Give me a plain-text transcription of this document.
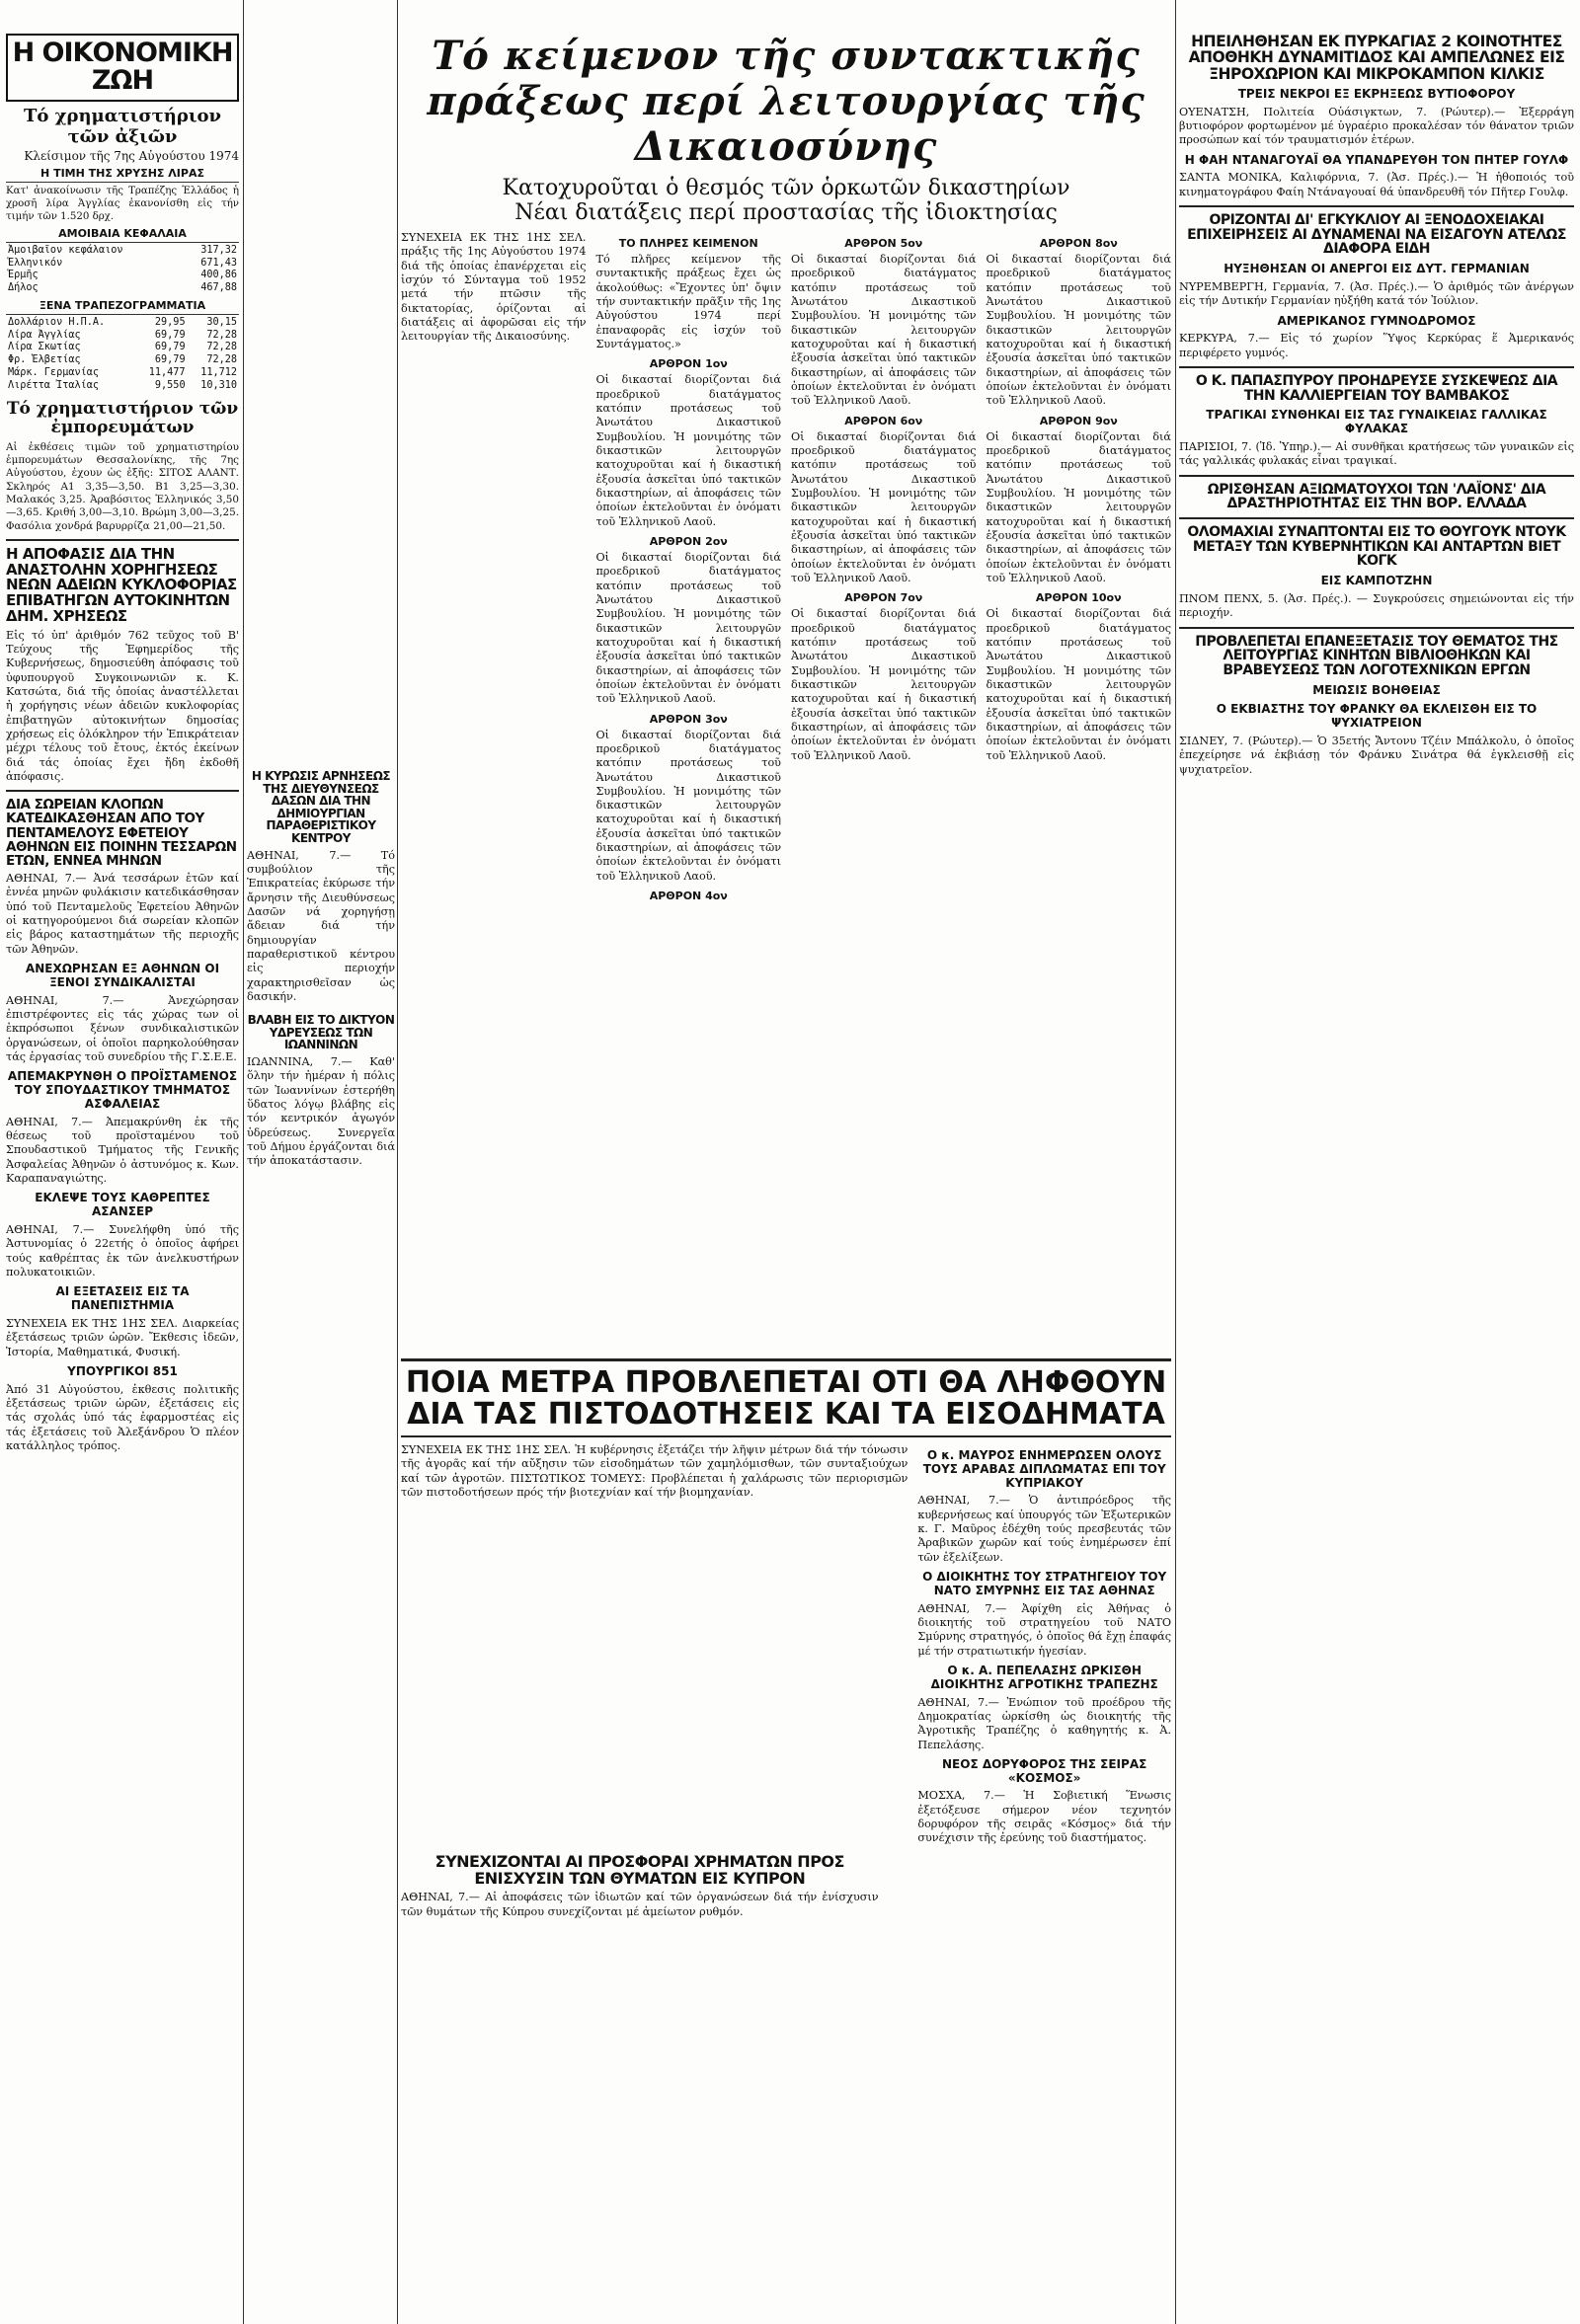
Η ΟΙΚΟΝΟΜΙΚΗ ΖΩΗ
Τό χρηματιστήριον τῶν ἀξιῶν
Κλείσιμον τῆς 7ης Αὐγούστου 1974
Η ΤΙΜΗ ΤΗΣ ΧΡΥΣΗΣ ΛΙΡΑΣ
Κατ' ἀνακοίνωσιν τῆς Τραπέζης Ἑλλάδος ἡ χροσῆ λίρα Ἀγγλίας ἐκανονίσθη εἰς τήν τιμήν τῶν 1.520 δρχ.
ΑΜΟΙΒΑΙΑ ΚΕΦΑΛΑΙΑ
Ἀμοιβαῖον κεφάλαιον	317,32
Ἑλληνικόν	671,43
Ἑρμῆς	400,86
Δήλος	467,88
ΞΕΝΑ ΤΡΑΠΕΖΟΓΡΑΜΜΑΤΙΑ
Δολλάριον Η.Π.Α.	29,95	30,15
Λίρα Ἀγγλίας	69,79	72,28
Λίρα Σκωτίας	69,79	72,28
Φρ. Ἑλβετίας	69,79	72,28
Μάρκ. Γερμανίας	11,477	11,712
Λιρέττα Ἰταλίας	9,550	10,310
Τό χρηματιστήριον τῶν ἐμπορευμάτων
Αἱ ἐκθέσεις τιμῶν τοῦ χρηματιστηρίου ἐμπορευμάτων Θεσσαλονίκης, τῆς 7ης Αὐγούστου, ἐχουν ὡς ἑξῆς: ΣΙΤΟΣ ΑΛΑΝΤ. Σκληρός Α1 3,35—3,50. Β1 3,25—3,30. Μαλακός 3,25. Ἀραβόσιτος Ἑλληνικός 3,50—3,65. Κριθή 3,00—3,10. Βρώμη 3,00—3,25. Φασόλια χονδρά βαρυρρίζα 21,00—21,50.
Η ΑΠΟΦΑΣΙΣ ΔΙΑ ΤΗΝ ΑΝΑΣΤΟΛΗΝ ΧΟΡΗΓΗΣΕΩΣ ΝΕΩΝ ΑΔΕΙΩΝ ΚΥΚΛΟΦΟΡΙΑΣ ΕΠΙΒΑΤΗΓΩΝ ΑΥΤΟΚΙΝΗΤΩΝ ΔΗΜ. ΧΡΗΣΕΩΣ
Εἰς τό ὑπ' ἀριθμόν 762 τεῦχος τοῦ Β' Τεύχους τῆς Ἐφημερίδος τῆς Κυβερνήσεως, δημοσιεύθη ἀπόφασις τοῦ ὑφυπουργοῦ Συγκοινωνιῶν κ. Κ. Κατσώτα, διά τῆς ὁποίας ἀναστέλλεται ἡ χορήγησις νέων ἀδειῶν κυκλοφορίας ἐπιβατηγῶν αὐτοκινήτων δημοσίας χρήσεως εἰς ὁλόκληρον τήν Ἐπικράτειαν μέχρι τέλους τοῦ ἔτους, ἐκτός ἐκείνων διά τάς ὁποίας ἔχει ἤδη ἐκδοθῆ ἀπόφασις.
ΔΙΑ ΣΩΡΕΙΑΝ ΚΛΟΠΩΝ ΚΑΤΕΔΙΚΑΣΘΗΣΑΝ ΑΠΟ ΤΟΥ ΠΕΝΤΑΜΕΛΟΥΣ ΕΦΕΤΕΙΟΥ ΑΘΗΝΩΝ ΕΙΣ ΠΟΙΝΗΝ ΤΕΣΣΑΡΩΝ ΕΤΩΝ, ΕΝΝΕΑ ΜΗΝΩΝ
ΑΘΗΝΑΙ, 7.— Ἀνά τεσσάρων ἐτῶν καί ἐννέα μηνῶν φυλάκισιν κατεδικάσθησαν ὑπό τοῦ Πενταμελοῦς Ἐφετείου Ἀθηνῶν οἱ κατηγορούμενοι διά σωρείαν κλοπῶν εἰς βάρος καταστημάτων τῆς περιοχῆς τῶν Ἀθηνῶν.
ΑΝΕΧΩΡΗΣΑΝ ΕΞ ΑΘΗΝΩΝ ΟΙ ΞΕΝΟΙ ΣΥΝΔΙΚΑΛΙΣΤΑΙ
ΑΘΗΝΑΙ, 7.— Ἀνεχώρησαν ἐπιστρέφοντες εἰς τάς χώρας των οἱ ἐκπρόσωποι ξένων συνδικαλιστικῶν ὀργανώσεων, οἱ ὁποῖοι παρηκολούθησαν τάς ἐργασίας τοῦ συνεδρίου τῆς Γ.Σ.Ε.Ε.
ΑΠΕΜΑΚΡΥΝΘΗ Ο ΠΡΟΪΣΤΑΜΕΝΟΣ ΤΟΥ ΣΠΟΥΔΑΣΤΙΚΟΥ ΤΜΗΜΑΤΟΣ ΑΣΦΑΛΕΙΑΣ
ΑΘΗΝΑΙ, 7.— Ἀπεμακρύνθη ἐκ τῆς θέσεως τοῦ προϊσταμένου τοῦ Σπουδαστικοῦ Τμήματος τῆς Γενικῆς Ἀσφαλείας Ἀθηνῶν ὁ ἀστυνόμος κ. Κων. Καραπαναγιώτης.
ΕΚΛΕΨΕ ΤΟΥΣ ΚΑΘΡΕΠΤΕΣ ΑΣΑΝΣΕΡ
ΑΘΗΝΑΙ, 7.— Συνελήφθη ὑπό τῆς Ἀστυνομίας ὁ 22ετής ὁ ὁποῖος ἀφήρει τούς καθρέπτας ἐκ τῶν ἀνελκυστήρων πολυκατοικιῶν.
ΑΙ ΕΞΕΤΑΣΕΙΣ ΕΙΣ ΤΑ ΠΑΝΕΠΙΣΤΗΜΙΑ
ΣΥΝΕΧΕΙΑ ΕΚ ΤΗΣ 1ΗΣ ΣΕΛ. Διαρκείας ἐξετάσεως τριῶν ὡρῶν. Ἔκθεσις ἰδεῶν, Ἱστορία, Μαθηματικά, Φυσική.
ΥΠΟΥΡΓΙΚΟΙ 851
Ἀπό 31 Αὐγούστου, ἐκθεσις πολιτικῆς ἐξετάσεως τριῶν ὡρῶν, ἐξετάσεις εἰς τάς σχολάς ὑπό τάς ἐφαρμοστέας εἰς τάς ἐξετάσεις τοῦ Ἀλεξάνδρου Ὁ πλέον κατάλληλος τρόπος.
Η ΚΥΡΩΣΙΣ ΑΡΝΗΣΕΩΣ ΤΗΣ ΔΙΕΥΘΥΝΣΕΩΣ ΔΑΣΩΝ ΔΙΑ ΤΗΝ ΔΗΜΙΟΥΡΓΙΑΝ ΠΑΡΑΘΕΡΙΣΤΙΚΟΥ ΚΕΝΤΡΟΥ
ΑΘΗΝΑΙ, 7.— Τό συμβούλιον τῆς Ἐπικρατείας ἐκύρωσε τήν ἄρνησιν τῆς Διευθύνσεως Δασῶν νά χορηγήσῃ ἄδειαν διά τήν δημιουργίαν παραθεριστικοῦ κέντρου εἰς περιοχήν χαρακτηρισθεῖσαν ὡς δασικήν.
ΒΛΑΒΗ ΕΙΣ ΤΟ ΔΙΚΤΥΟΝ ΥΔΡΕΥΣΕΩΣ ΤΩΝ ΙΩΑΝΝΙΝΩΝ
ΙΩΑΝΝΙΝΑ, 7.— Καθ' ὅλην τήν ἡμέραν ἡ πόλις τῶν Ἰωαννίνων ἐστερήθη ὕδατος λόγῳ βλάβης εἰς τόν κεντρικόν ἀγωγόν ὑδρεύσεως. Συνεργεῖα τοῦ Δήμου ἐργάζονται διά τήν ἀποκατάστασιν.
Τό κείμενον τῆς συντακτικῆς πράξεως περί λειτουργίας τῆς Δικαιοσύνης
Κατοχυροῦται ὁ θεσμός τῶν ὁρκωτῶν δικαστηρίων
Νέαι διατάξεις περί προστασίας τῆς ἰδιοκτησίας
ΣΥΝΕΧΕΙΑ ΕΚ ΤΗΣ 1ΗΣ ΣΕΛ. πράξις τῆς 1ης Αὐγούστου 1974 διά τῆς ὁποίας ἐπανέρχεται εἰς ἰσχύν τό Σύνταγμα τοῦ 1952 μετά τήν πτῶσιν τῆς δικτατορίας, ὁρίζονται αἱ διατάξεις αἱ ἀφορῶσαι εἰς τήν λειτουργίαν τῆς Δικαιοσύνης.
ΤΟ ΠΛΗΡΕΣ ΚΕΙΜΕΝΟΝ
Τό πλῆρες κείμενον τῆς συντακτικῆς πράξεως ἔχει ὡς ἀκολούθως: «Ἔχοντες ὑπ' ὄψιν τήν συντακτικήν πρᾶξιν τῆς 1ης Αὐγούστου 1974 περί ἐπαναφορᾶς εἰς ἰσχύν τοῦ Συντάγματος.»
ΑΡΘΡΟΝ 1ον
Οἱ δικασταί διορίζονται διά προεδρικοῦ διατάγματος κατόπιν προτάσεως τοῦ Ἀνωτάτου Δικαστικοῦ Συμβουλίου. Ἡ μονιμότης τῶν δικαστικῶν λειτουργῶν κατοχυροῦται καί ἡ δικαστική ἐξουσία ἀσκεῖται ὑπό τακτικῶν δικαστηρίων, αἱ ἀποφάσεις τῶν ὁποίων ἐκτελοῦνται ἐν ὀνόματι τοῦ Ἑλληνικοῦ Λαοῦ.
ΑΡΘΡΟΝ 2ον
Οἱ δικασταί διορίζονται διά προεδρικοῦ διατάγματος κατόπιν προτάσεως τοῦ Ἀνωτάτου Δικαστικοῦ Συμβουλίου. Ἡ μονιμότης τῶν δικαστικῶν λειτουργῶν κατοχυροῦται καί ἡ δικαστική ἐξουσία ἀσκεῖται ὑπό τακτικῶν δικαστηρίων, αἱ ἀποφάσεις τῶν ὁποίων ἐκτελοῦνται ἐν ὀνόματι τοῦ Ἑλληνικοῦ Λαοῦ.
ΑΡΘΡΟΝ 3ον
Οἱ δικασταί διορίζονται διά προεδρικοῦ διατάγματος κατόπιν προτάσεως τοῦ Ἀνωτάτου Δικαστικοῦ Συμβουλίου. Ἡ μονιμότης τῶν δικαστικῶν λειτουργῶν κατοχυροῦται καί ἡ δικαστική ἐξουσία ἀσκεῖται ὑπό τακτικῶν δικαστηρίων, αἱ ἀποφάσεις τῶν ὁποίων ἐκτελοῦνται ἐν ὀνόματι τοῦ Ἑλληνικοῦ Λαοῦ.
ΑΡΘΡΟΝ 4ον
ΑΡΘΡΟΝ 5ον
Οἱ δικασταί διορίζονται διά προεδρικοῦ διατάγματος κατόπιν προτάσεως τοῦ Ἀνωτάτου Δικαστικοῦ Συμβουλίου. Ἡ μονιμότης τῶν δικαστικῶν λειτουργῶν κατοχυροῦται καί ἡ δικαστική ἐξουσία ἀσκεῖται ὑπό τακτικῶν δικαστηρίων, αἱ ἀποφάσεις τῶν ὁποίων ἐκτελοῦνται ἐν ὀνόματι τοῦ Ἑλληνικοῦ Λαοῦ.
ΑΡΘΡΟΝ 6ον
Οἱ δικασταί διορίζονται διά προεδρικοῦ διατάγματος κατόπιν προτάσεως τοῦ Ἀνωτάτου Δικαστικοῦ Συμβουλίου. Ἡ μονιμότης τῶν δικαστικῶν λειτουργῶν κατοχυροῦται καί ἡ δικαστική ἐξουσία ἀσκεῖται ὑπό τακτικῶν δικαστηρίων, αἱ ἀποφάσεις τῶν ὁποίων ἐκτελοῦνται ἐν ὀνόματι τοῦ Ἑλληνικοῦ Λαοῦ.
ΑΡΘΡΟΝ 7ον
Οἱ δικασταί διορίζονται διά προεδρικοῦ διατάγματος κατόπιν προτάσεως τοῦ Ἀνωτάτου Δικαστικοῦ Συμβουλίου. Ἡ μονιμότης τῶν δικαστικῶν λειτουργῶν κατοχυροῦται καί ἡ δικαστική ἐξουσία ἀσκεῖται ὑπό τακτικῶν δικαστηρίων, αἱ ἀποφάσεις τῶν ὁποίων ἐκτελοῦνται ἐν ὀνόματι τοῦ Ἑλληνικοῦ Λαοῦ.
ΑΡΘΡΟΝ 8ον
Οἱ δικασταί διορίζονται διά προεδρικοῦ διατάγματος κατόπιν προτάσεως τοῦ Ἀνωτάτου Δικαστικοῦ Συμβουλίου. Ἡ μονιμότης τῶν δικαστικῶν λειτουργῶν κατοχυροῦται καί ἡ δικαστική ἐξουσία ἀσκεῖται ὑπό τακτικῶν δικαστηρίων, αἱ ἀποφάσεις τῶν ὁποίων ἐκτελοῦνται ἐν ὀνόματι τοῦ Ἑλληνικοῦ Λαοῦ.
ΑΡΘΡΟΝ 9ον
Οἱ δικασταί διορίζονται διά προεδρικοῦ διατάγματος κατόπιν προτάσεως τοῦ Ἀνωτάτου Δικαστικοῦ Συμβουλίου. Ἡ μονιμότης τῶν δικαστικῶν λειτουργῶν κατοχυροῦται καί ἡ δικαστική ἐξουσία ἀσκεῖται ὑπό τακτικῶν δικαστηρίων, αἱ ἀποφάσεις τῶν ὁποίων ἐκτελοῦνται ἐν ὀνόματι τοῦ Ἑλληνικοῦ Λαοῦ.
ΑΡΘΡΟΝ 10ον
Οἱ δικασταί διορίζονται διά προεδρικοῦ διατάγματος κατόπιν προτάσεως τοῦ Ἀνωτάτου Δικαστικοῦ Συμβουλίου. Ἡ μονιμότης τῶν δικαστικῶν λειτουργῶν κατοχυροῦται καί ἡ δικαστική ἐξουσία ἀσκεῖται ὑπό τακτικῶν δικαστηρίων, αἱ ἀποφάσεις τῶν ὁποίων ἐκτελοῦνται ἐν ὀνόματι τοῦ Ἑλληνικοῦ Λαοῦ.
ΠΟΙΑ ΜΕΤΡΑ ΠΡΟΒΛΕΠΕΤΑΙ ΟΤΙ ΘΑ ΛΗΦΘΟΥΝ ΔΙΑ ΤΑΣ ΠΙΣΤΟΔΟΤΗΣΕΙΣ ΚΑΙ ΤΑ ΕΙΣΟΔΗΜΑΤΑ
ΣΥΝΕΧΕΙΑ ΕΚ ΤΗΣ 1ΗΣ ΣΕΛ. Ἡ κυβέρνησις ἐξετάζει τήν λῆψιν μέτρων διά τήν τόνωσιν τῆς ἀγορᾶς καί τήν αὔξησιν τῶν εἰσοδημάτων τῶν χαμηλόμισθων, τῶν συνταξιούχων καί τῶν ἀγροτῶν. ΠΙΣΤΩΤΙΚΟΣ ΤΟΜΕΥΣ: Προβλέπεται ἡ χαλάρωσις τῶν περιορισμῶν τῶν πιστοδοτήσεων πρός τήν βιοτεχνίαν καί τήν βιομηχανίαν.
Ο κ. ΜΑΥΡΟΣ ΕΝΗΜΕΡΩΣΕΝ ΟΛΟΥΣ ΤΟΥΣ ΑΡΑΒΑΣ ΔΙΠΛΩΜΑΤΑΣ ΕΠΙ ΤΟΥ ΚΥΠΡΙΑΚΟΥ
ΑΘΗΝΑΙ, 7.— Ὁ ἀντιπρόεδρος τῆς κυβερνήσεως καί ὑπουργός τῶν Ἐξωτερικῶν κ. Γ. Μαῦρος ἐδέχθη τούς πρεσβευτάς τῶν Ἀραβικῶν χωρῶν καί τούς ἐνημέρωσεν ἐπί τῶν ἐξελίξεων.
Ο ΔΙΟΙΚΗΤΗΣ ΤΟΥ ΣΤΡΑΤΗΓΕΙΟΥ ΤΟΥ ΝΑΤΟ ΣΜΥΡΝΗΣ ΕΙΣ ΤΑΣ ΑΘΗΝΑΣ
ΑΘΗΝΑΙ, 7.— Ἀφίχθη εἰς Ἀθήνας ὁ διοικητής τοῦ στρατηγείου τοῦ ΝΑΤΟ Σμύρνης στρατηγός, ὁ ὁποῖος θά ἔχῃ ἐπαφάς μέ τήν στρατιωτικήν ἡγεσίαν.
Ο κ. Α. ΠΕΠΕΛΑΣΗΣ ΩΡΚΙΣΘΗ ΔΙΟΙΚΗΤΗΣ ΑΓΡΟΤΙΚΗΣ ΤΡΑΠΕΖΗΣ
ΑΘΗΝΑΙ, 7.— Ἐνώπιον τοῦ προέδρου τῆς Δημοκρατίας ὡρκίσθη ὡς διοικητής τῆς Ἀγροτικῆς Τραπέζης ὁ καθηγητής κ. Ἀ. Πεπελάσης.
ΝΕΟΣ ΔΟΡΥΦΟΡΟΣ ΤΗΣ ΣΕΙΡΑΣ «ΚΟΣΜΟΣ»
ΜΟΣΧΑ, 7.— Ἡ Σοβιετική Ἕνωσις ἐξετόξευσε σήμερον νέον τεχνητόν δορυφόρον τῆς σειρᾶς «Κόσμος» διά τήν συνέχισιν τῆς ἐρεύνης τοῦ διαστήματος.
ΣΥΝΕΧΙΖΟΝΤΑΙ ΑΙ ΠΡΟΣΦΟΡΑΙ ΧΡΗΜΑΤΩΝ ΠΡΟΣ ΕΝΙΣΧΥΣΙΝ ΤΩΝ ΘΥΜΑΤΩΝ ΕΙΣ ΚΥΠΡΟΝ
ΑΘΗΝΑΙ, 7.— Αἱ ἀποφάσεις τῶν ἰδιωτῶν καί τῶν ὀργανώσεων διά τήν ἐνίσχυσιν τῶν θυμάτων τῆς Κύπρου συνεχίζονται μέ ἀμείωτον ρυθμόν.
ΗΠΕΙΛΗΘΗΣΑΝ ΕΚ ΠΥΡΚΑΓΙΑΣ 2 ΚΟΙΝΟΤΗΤΕΣ ΑΠΟΘΗΚΗ ΔΥΝΑΜΙΤΙΔΟΣ ΚΑΙ ΑΜΠΕΛΩΝΕΣ ΕΙΣ ΞΗΡΟΧΩΡΙΟΝ ΚΑΙ ΜΙΚΡΟΚΑΜΠΟΝ ΚΙΛΚΙΣ
ΤΡΕΙΣ ΝΕΚΡΟΙ ΕΞ ΕΚΡΗΞΕΩΣ ΒΥΤΙΟΦΟΡΟΥ
ΟΥΕΝΑΤΣΗ, Πολιτεία Οὐάσιγκτων, 7. (Ρώυτερ).— Ἐξερράγη βυτιοφόρον φορτωμένον μέ ὑγραέριο προκαλέσαν τόν θάνατον τριῶν προσώπων καί τόν τραυματισμόν ἑτέρων.
Η ΦΑΗ ΝΤΑΝΑΓΟΥΑΪ ΘΑ ΥΠΑΝΔΡΕΥΘΗ ΤΟΝ ΠΗΤΕΡ ΓΟΥΛΦ
ΣΑΝΤΑ ΜΟΝΙΚΑ, Καλιφόρνια, 7. (Ἀσ. Πρές.).— Ἡ ἠθοποιός τοῦ κινηματογράφου Φαίη Ντάναγουαί θά ὑπανδρευθῆ τόν Πῆτερ Γουλφ.
ΟΡΙΖΟΝΤΑΙ ΔΙ' ΕΓΚΥΚΛΙΟΥ ΑΙ ΞΕΝΟΔΟΧΕΙΑΚΑΙ ΕΠΙΧΕΙΡΗΣΕΙΣ ΑΙ ΔΥΝΑΜΕΝΑΙ ΝΑ ΕΙΣΑΓΟΥΝ ΑΤΕΛΩΣ ΔΙΑΦΟΡΑ ΕΙΔΗ
ΗΥΞΗΘΗΣΑΝ ΟΙ ΑΝΕΡΓΟΙ ΕΙΣ ΔΥΤ. ΓΕΡΜΑΝΙΑΝ
ΝΥΡΕΜΒΕΡΓΗ, Γερμανία, 7. (Ἀσ. Πρές.).— Ὁ ἀριθμός τῶν ἀνέργων εἰς τήν Δυτικήν Γερμανίαν ηὐξήθη κατά τόν Ἰούλιον.
ΑΜΕΡΙΚΑΝΟΣ ΓΥΜΝΟΔΡΟΜΟΣ
ΚΕΡΚΥΡΑ, 7.— Εἰς τό χωρίον Ὕψος Κερκύρας ἕ Ἀμερικανός περιφέρετο γυμνός.
Ο Κ. ΠΑΠΑΣΠΥΡΟΥ ΠΡΟΗΔΡΕΥΣΕ ΣΥΣΚΕΨΕΩΣ ΔΙΑ ΤΗΝ ΚΑΛΛΙΕΡΓΕΙΑΝ ΤΟΥ ΒΑΜΒΑΚΟΣ
ΤΡΑΓΙΚΑΙ ΣΥΝΘΗΚΑΙ ΕΙΣ ΤΑΣ ΓΥΝΑΙΚΕΙΑΣ ΓΑΛΛΙΚΑΣ ΦΥΛΑΚΑΣ
ΠΑΡΙΣΙΟΙ, 7. (Ἰδ. Ὑπηρ.).— Αἱ συνθῆκαι κρατήσεως τῶν γυναικῶν εἰς τάς γαλλικάς φυλακάς εἶναι τραγικαί.
ΩΡΙΣΘΗΣΑΝ ΑΞΙΩΜΑΤΟΥΧΟΙ ΤΩΝ 'ΛΑΪΟΝΣ' ΔΙΑ ΔΡΑΣΤΗΡΙΟΤΗΤΑΣ ΕΙΣ ΤΗΝ ΒΟΡ. ΕΛΛΑΔΑ
ΟΛΟΜΑΧΙΑΙ ΣΥΝΑΠΤΟΝΤΑΙ ΕΙΣ ΤΟ ΘΟΥΓΟΥΚ ΝΤΟΥΚ ΜΕΤΑΞΥ ΤΩΝ ΚΥΒΕΡΝΗΤΙΚΩΝ ΚΑΙ ΑΝΤΑΡΤΩΝ ΒΙΕΤ ΚΟΓΚ
ΕΙΣ ΚΑΜΠΟΤΖΗΝ
ΠΝΟΜ ΠΕΝΧ, 5. (Ἀσ. Πρές.). — Συγκρούσεις σημειώνονται εἰς τήν περιοχήν.
ΠΡΟΒΛΕΠΕΤΑΙ ΕΠΑΝΕΞΕΤΑΣΙΣ ΤΟΥ ΘΕΜΑΤΟΣ ΤΗΣ ΛΕΙΤΟΥΡΓΙΑΣ ΚΙΝΗΤΩΝ ΒΙΒΛΙΟΘΗΚΩΝ ΚΑΙ ΒΡΑΒΕΥΣΕΩΣ ΤΩΝ ΛΟΓΟΤΕΧΝΙΚΩΝ ΕΡΓΩΝ
ΜΕΙΩΣΙΣ ΒΟΗΘΕΙΑΣ
Ο ΕΚΒΙΑΣΤΗΣ ΤΟΥ ΦΡΑΝΚΥ ΘΑ ΕΚΛΕΙΣΘΗ ΕΙΣ ΤΟ ΨΥΧΙΑΤΡΕΙΟΝ
ΣΙΔΝΕΥ, 7. (Ρώυτερ).— Ὁ 35ετής Ἄντονυ Τζέιν Μπάλκολυ, ὁ ὁποῖος ἐπεχείρησε νά ἐκβιάσῃ τόν Φράνκυ Σινάτρα θά ἐγκλεισθῇ εἰς ψυχιατρεῖον.
